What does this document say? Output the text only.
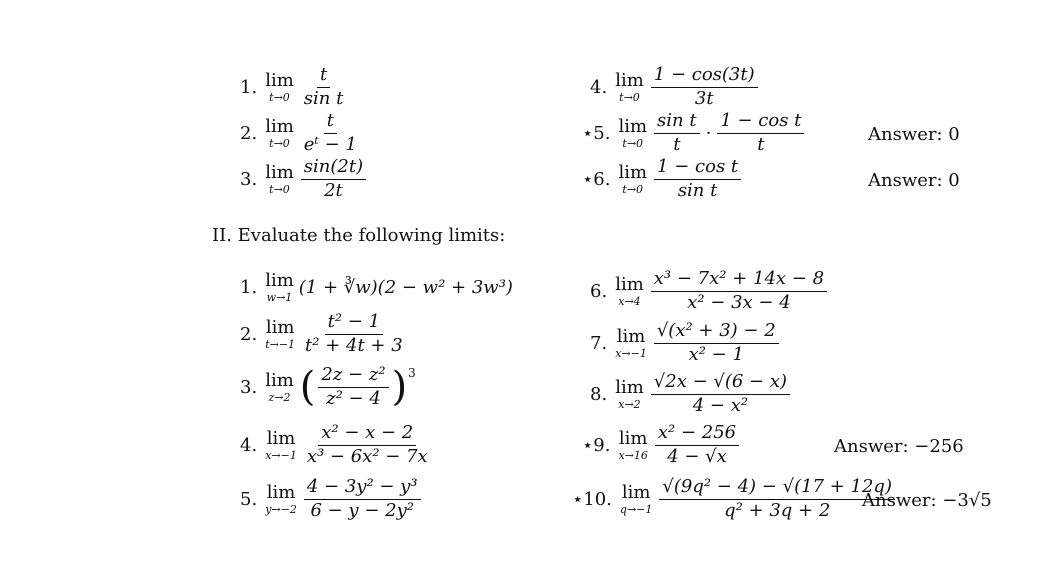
1. lim
$t\to 0 \frac{t}{\text{sin t}}$
2. lim
$t\to 0 \frac{t}{\text{eᵗ − 1}}$
3. lim
$t\to 0 \frac{\sin(2t)}{2t}$
4. lim
$t\to 0 \frac{1 - \cos(3t)}{3t}$
⋆5. lim
$t\to 0 \frac{\text{sin t}}{t} \cdot \frac{\text{1 − cos t}}{t}$	Answer: 0
⋆6. lim
$t\to 0 \frac{\text{1 − cos t}}{\text{sin t}}$	Answer: 0
II. Evaluate the following limits:
1. lim
w→1 (1 + ∛w)(2 − w² + 3w³)
2. lim
$t\to-1 \frac{\text{t² − 1}}{\text{t² + 4t + 3}}$
3. lim
z→2 ( $\frac{\text{2z − z²}}{\text{z² − 4}}$ ) 3
4. lim
$x\to-1 \frac{\text{x² − x − 2}}{\text{x³ − 6x² − 7x}}$
5. lim
$y\to-2 \frac{\text{4 − 3y² − y³}}{\text{6 − y − 2y²}}$
6. lim
$x\to 4 \frac{\text{x³ − 7x² + 14x − 8}}{\text{x² − 3x − 4}}$
7. lim
$x\to-1 \frac{\text{√(x² + 3) − 2}}{\text{x² − 1}}$
8. lim
$x\to 2 \frac{√2x - √(6 - x)}{\text{4 − x²}}$
⋆9. lim
$x\to 16 \frac{\text{x² − 256}}{4 - √x}$	Answer: −256
⋆10. lim
$q\to-1 \frac{\text{√(9q² − 4) − √(17 + 12q)}}{\text{q² + 3q + 2}}$
Answer: −3√5
